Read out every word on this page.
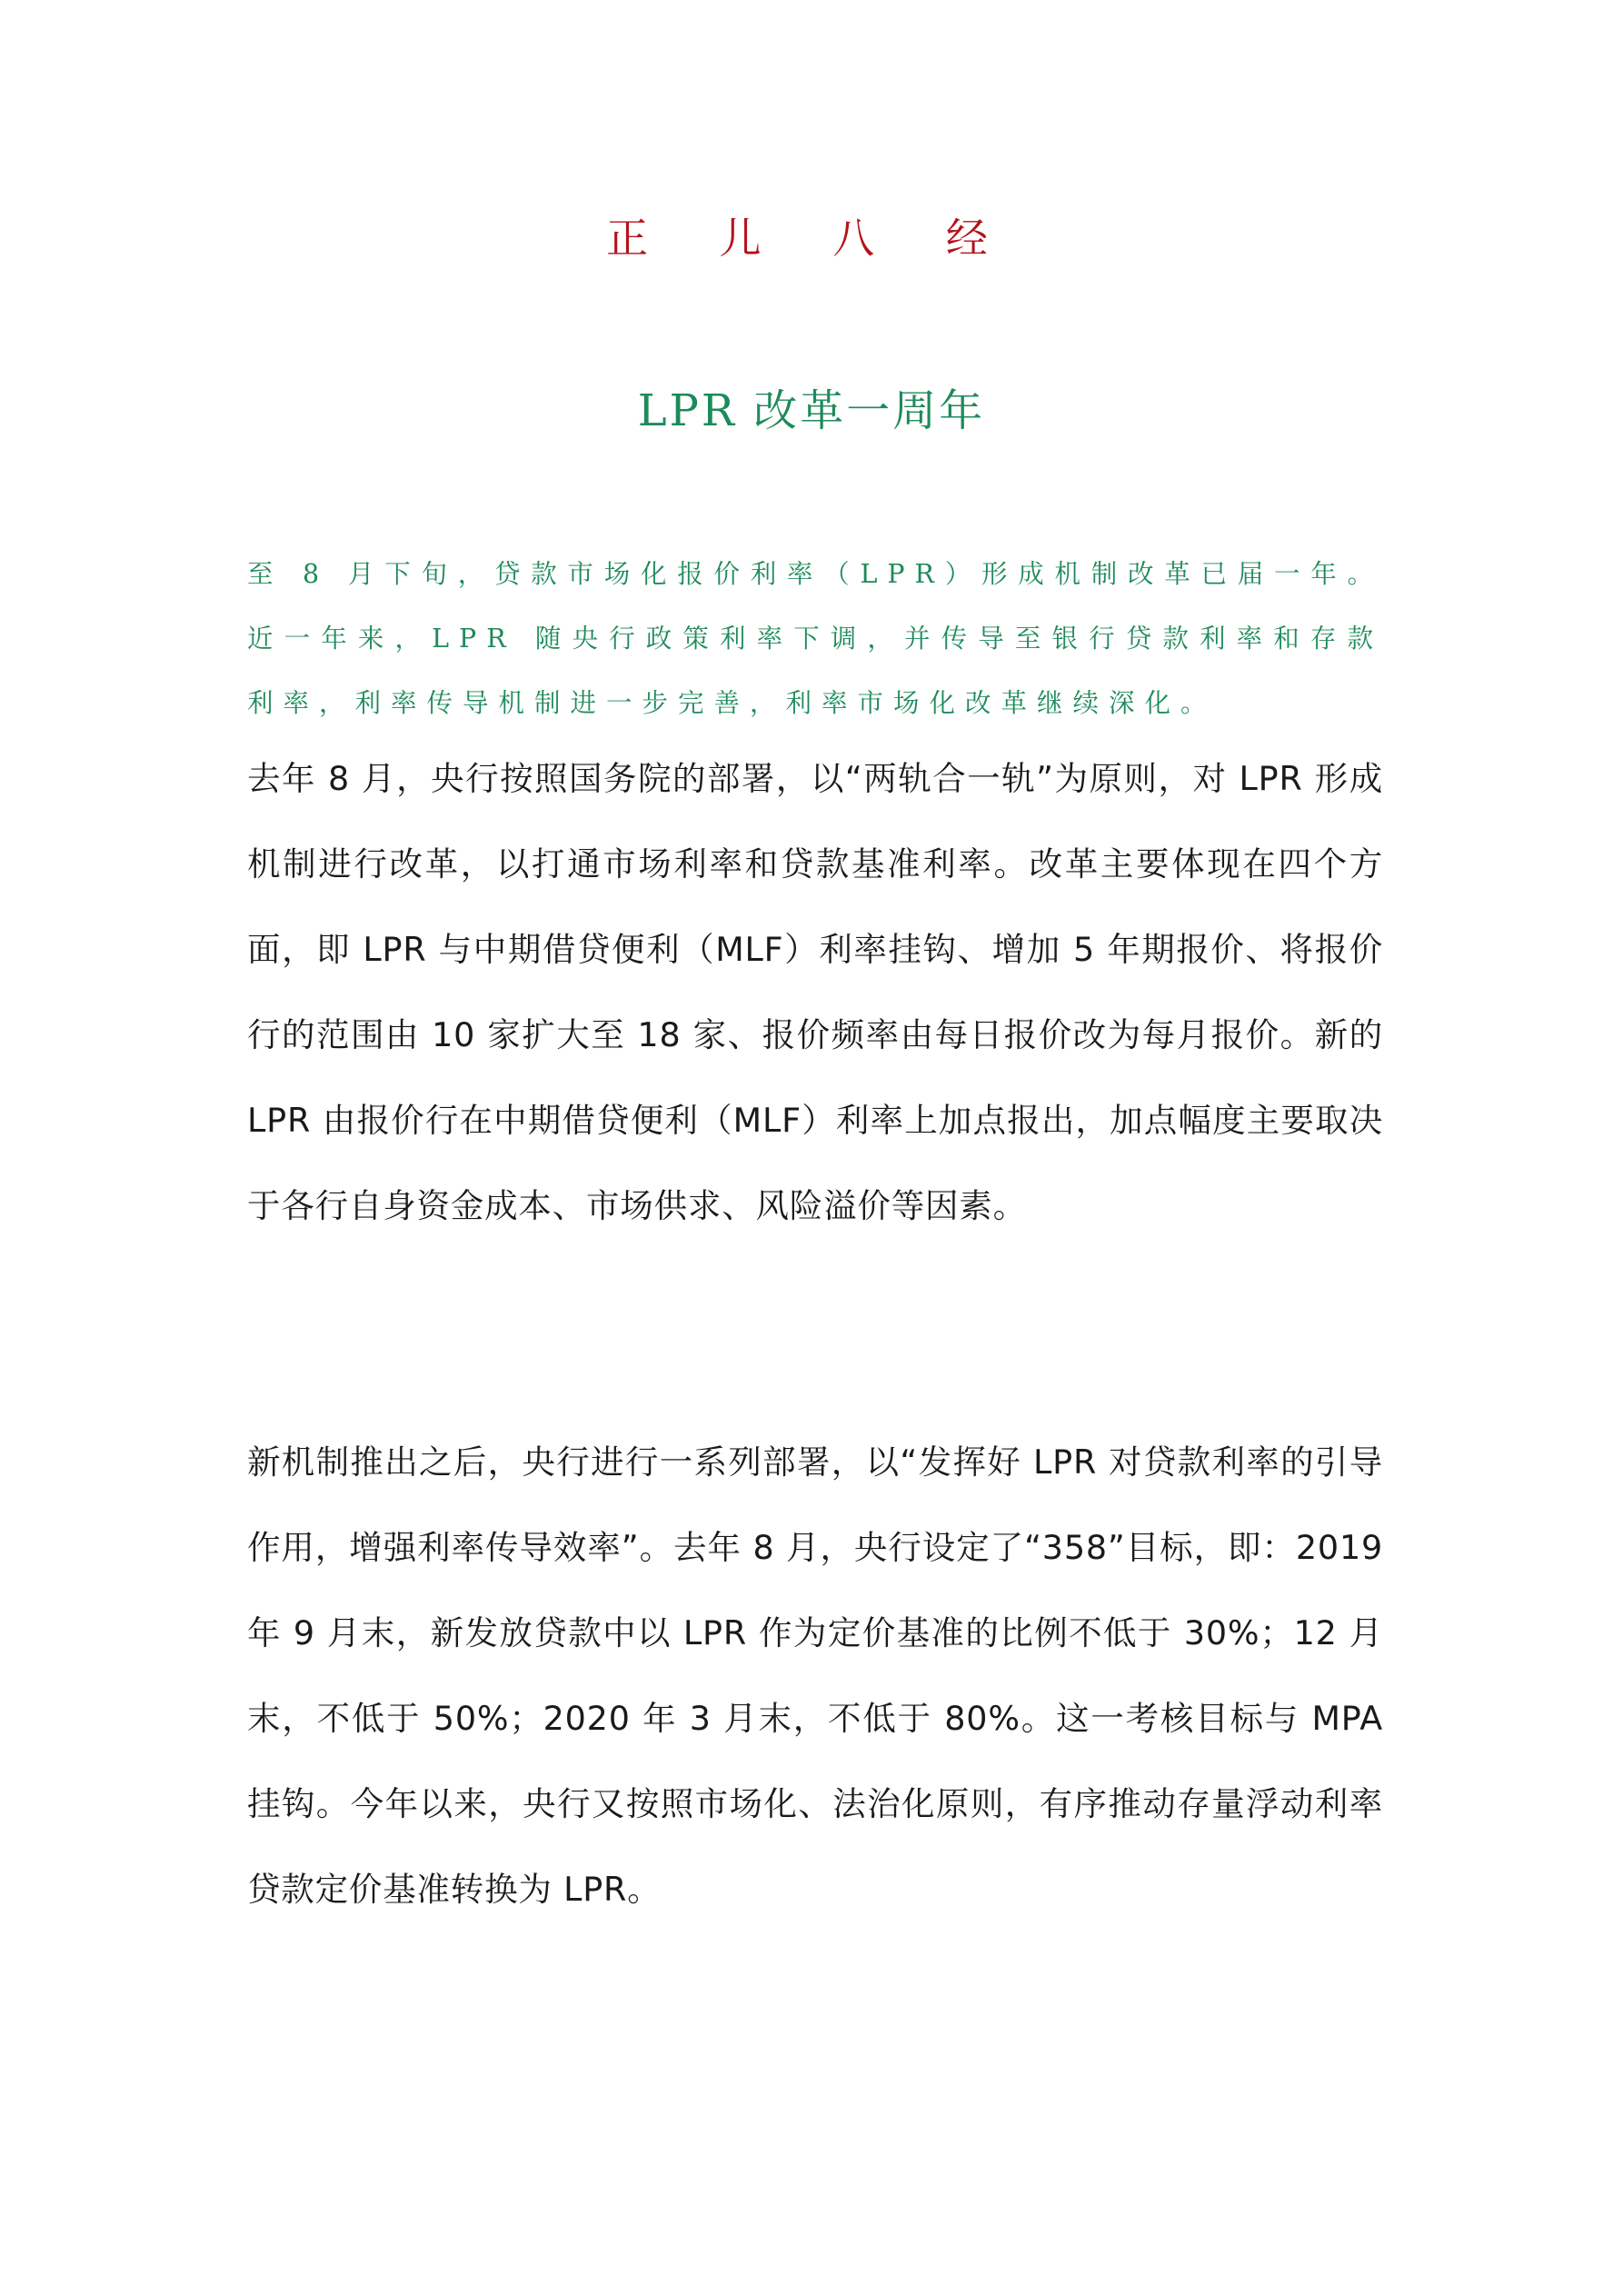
正 儿 八 经
LPR 改革一周年
至 8 月下旬，贷款市场化报价利率（LPR）形成机制改革已届一年。近一年来，LPR 随央行政策利率下调，并传导至银行贷款利率和存款利率，利率传导机制进一步完善，利率市场化改革继续深化。
去年 8 月，央行按照国务院的部署，以“两轨合一轨”为原则，对 LPR 形成机制进行改革，以打通市场利率和贷款基准利率。改革主要体现在四个方面，即 LPR 与中期借贷便利（MLF）利率挂钩、增加 5 年期报价、将报价行的范围由 10 家扩大至 18 家、报价频率由每日报价改为每月报价。新的 LPR 由报价行在中期借贷便利（MLF）利率上加点报出，加点幅度主要取决于各行自身资金成本、市场供求、风险溢价等因素。
新机制推出之后，央行进行一系列部署，以“发挥好 LPR 对贷款利率的引导作用，增强利率传导效率”。去年 8 月，央行设定了“358”目标，即：2019 年 9 月末，新发放贷款中以 LPR 作为定价基准的比例不低于 30%；12 月末，不低于 50%；2020 年 3 月末，不低于 80%。这一考核目标与 MPA 挂钩。今年以来，央行又按照市场化、法治化原则，有序推动存量浮动利率贷款定价基准转换为 LPR。
